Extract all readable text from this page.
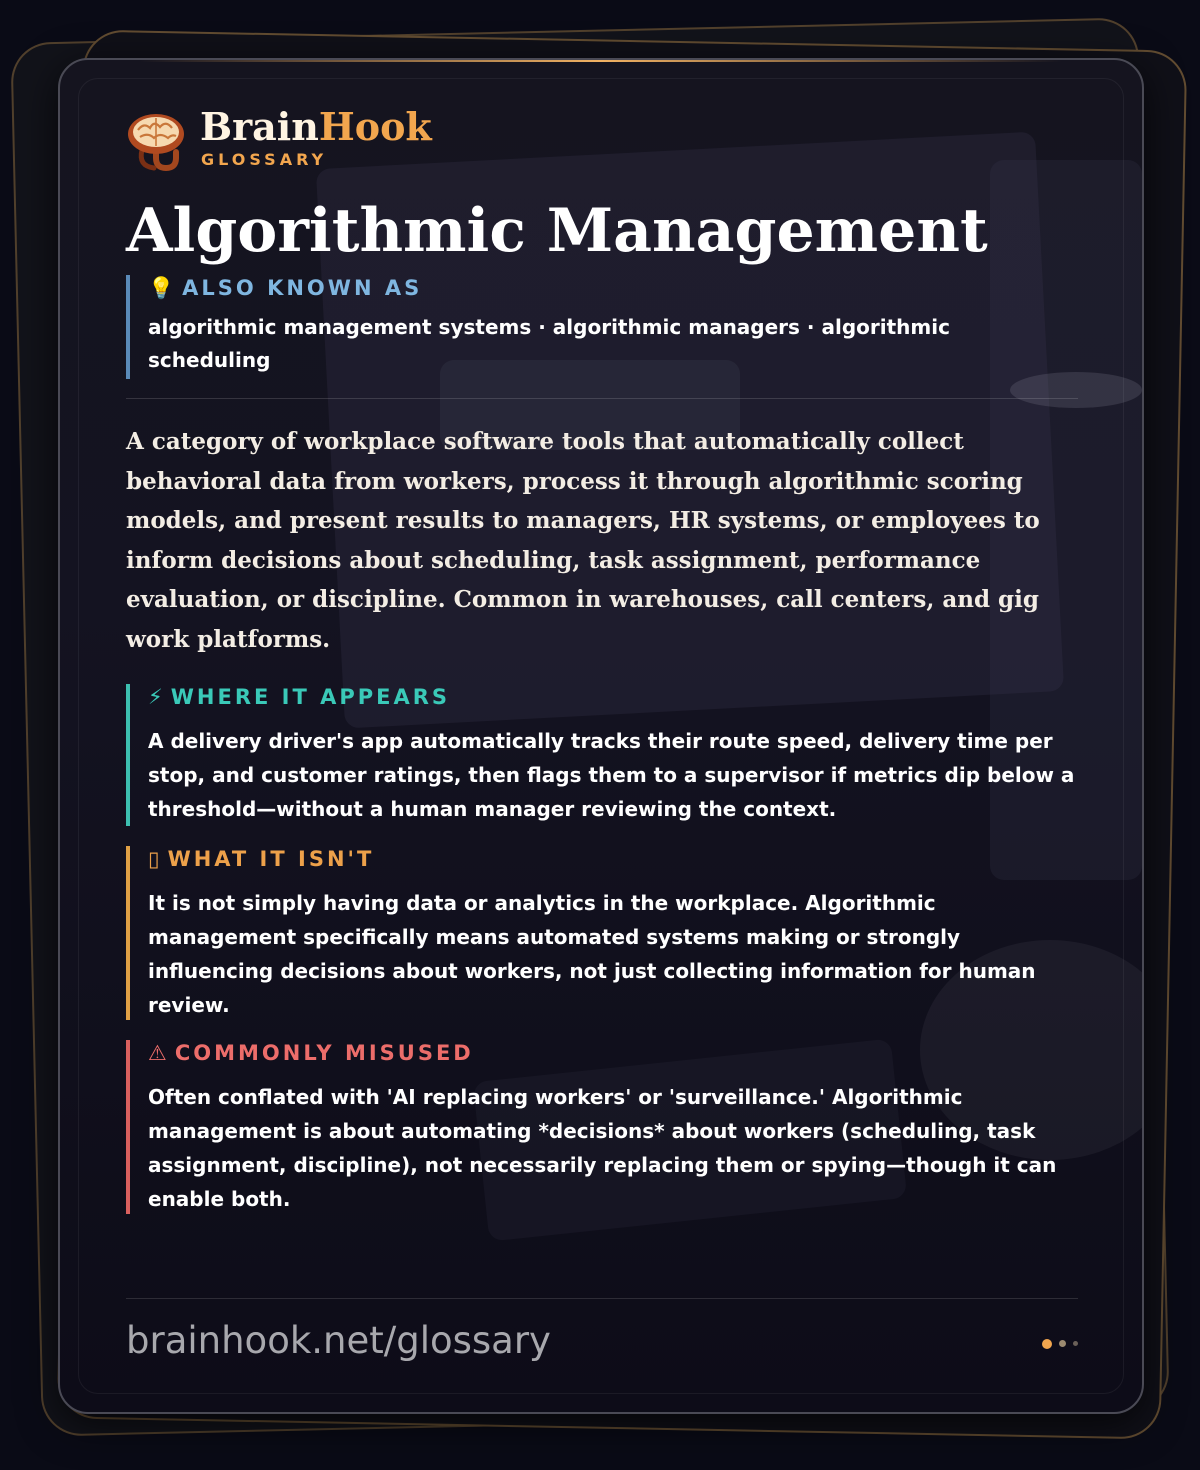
BrainHook
GLOSSARY
Algorithmic Management
💡 ALSO KNOWN AS
algorithmic management systems · algorithmic managers · algorithmic scheduling

A category of workplace software tools that automatically collect behavioral data from workers, process it through algorithmic scoring models, and present results to managers, HR systems, or employees to inform decisions about scheduling, task assignment, performance evaluation, or discipline. Common in warehouses, call centers, and gig work platforms.

⚡ WHERE IT APPEARS
A delivery driver's app automatically tracks their route speed, delivery time per stop, and customer ratings, then flags them to a supervisor if metrics dip below a threshold—without a human manager reviewing the context.
▯ WHAT IT ISN'T
It is not simply having data or analytics in the workplace. Algorithmic management specifically means automated systems making or strongly influencing decisions about workers, not just collecting information for human review.
⚠ COMMONLY MISUSED
Often conflated with 'AI replacing workers' or 'surveillance.' Algorithmic management is about automating *decisions* about workers (scheduling, task assignment, discipline), not necessarily replacing them or spying—though it can enable both.
brainhook.net/glossary
